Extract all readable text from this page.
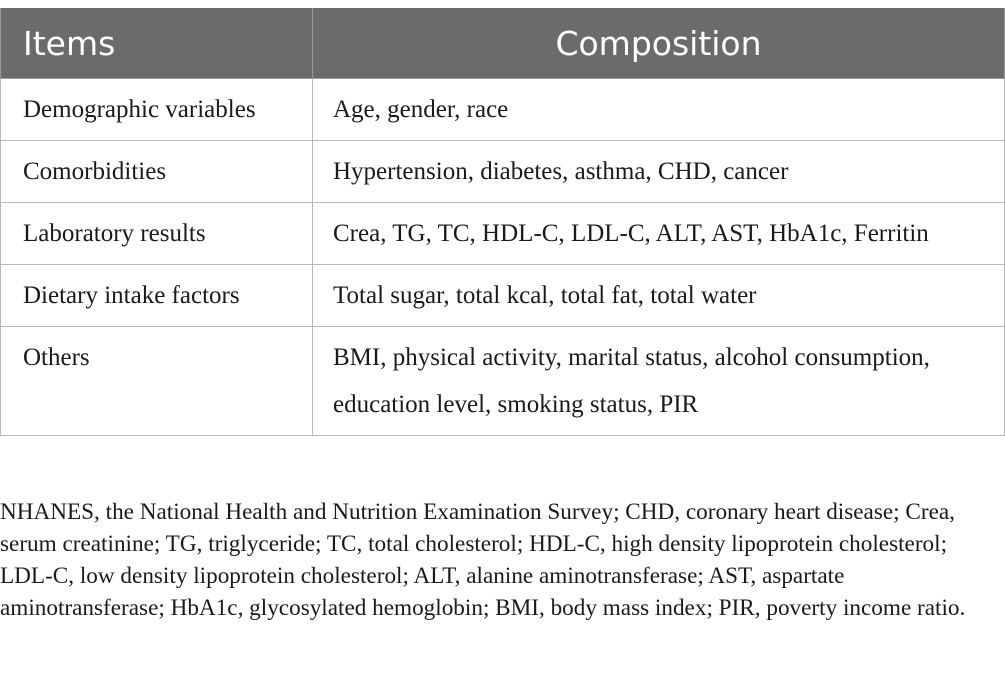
Items	Composition
Demographic variables	Age, gender, race
Comorbidities	Hypertension, diabetes, asthma, CHD, cancer
Laboratory results	Crea, TG, TC, HDL-C, LDL-C, ALT, AST, HbA1c, Ferritin
Dietary intake factors	Total sugar, total kcal, total fat, total water
Others	BMI, physical activity, marital status, alcohol consumption, education level, smoking status, PIR

NHANES, the National Health and Nutrition Examination Survey; CHD, coronary heart disease; Crea, serum creatinine; TG, triglyceride; TC, total cholesterol; HDL-C, high density lipoprotein cholesterol; LDL-C, low density lipoprotein cholesterol; ALT, alanine aminotransferase; AST, aspartate aminotransferase; HbA1c, glycosylated hemoglobin; BMI, body mass index; PIR, poverty income ratio.
